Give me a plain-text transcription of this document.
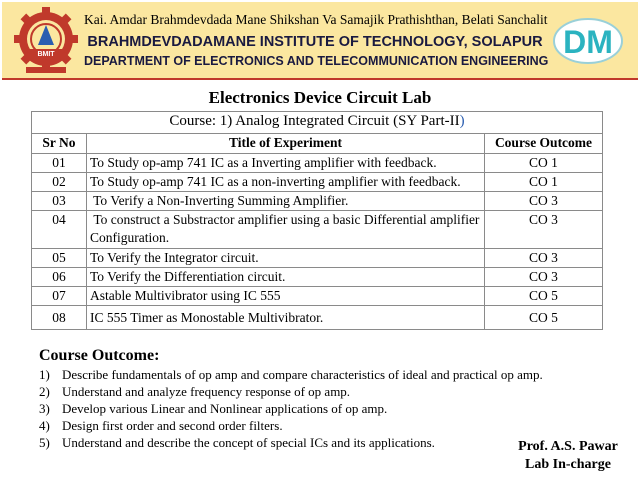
BMIT
Kai. Amdar Brahmdevdada Mane Shikshan Va Samajik Prathishthan, Belati Sanchalit
BRAHMDEVDADAMANE INSTITUTE OF TECHNOLOGY, SOLAPUR
DEPARTMENT OF ELECTRONICS AND TELECOMMUNICATION ENGINEERING
DM
Electronics Device Circuit Lab
Course: 1) Analog Integrated Circuit (SY Part-II)		
Sr No	Title of Experiment	Course Outcome
01	To Study op-amp 741 IC as a Inverting amplifier with feedback.	CO 1
02	To Study op-amp 741 IC as a non-inverting amplifier with feedback.	CO 1
03	To Verify a Non-Inverting Summing Amplifier.	CO 3
04	To construct a Substractor amplifier using a basic Differential amplifier Configuration.	CO 3
05	To Verify the Integrator circuit.	CO 3
06	To Verify the Differentiation circuit.	CO 3
07	Astable Multivibrator using IC 555	CO 5
08	IC 555 Timer as Monostable Multivibrator.	CO 5
Course Outcome:
1) Describe fundamentals of op amp and compare characteristics of ideal and practical op amp.
2) Understand and analyze frequency response of op amp.
3) Develop various Linear and Nonlinear applications of op amp.
4) Design first order and second order filters.
5) Understand and describe the concept of special ICs and its applications.	Prof. A.S. Pawar
Lab In-charge
